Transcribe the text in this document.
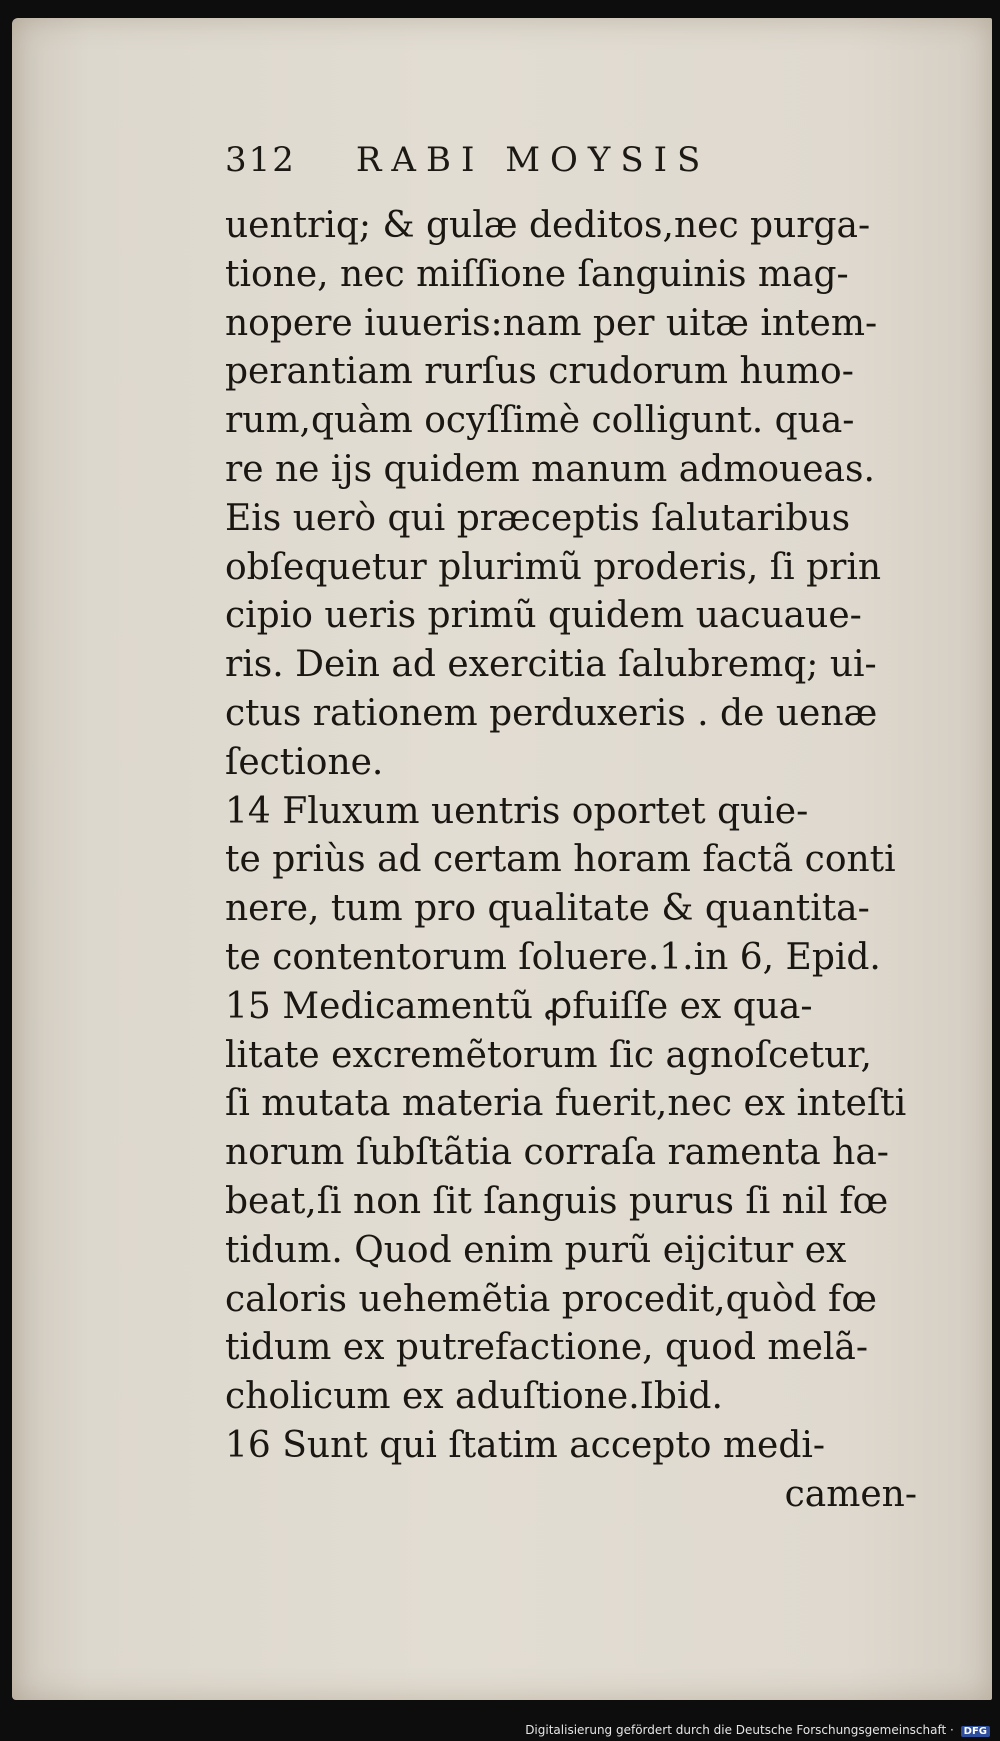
312 RABI MOYSIS
uentriq; & gulæ deditos,nec purga-
tione, nec miſſione ſanguinis mag-
nopere iuueris:nam per uitæ intem-
perantiam rurſus crudorum humo-
rum,quàm ocyſſimè colligunt. qua-
re ne ijs quidem manum admoueas.
Eis uerò qui præceptis ſalutaribus
obſequetur plurimũ proderis, ſi prin
cipio ueris primũ quidem uacuaue-
ris. Dein ad exercitia ſalubremq; ui-
ctus rationem perduxeris . de uenæ
ſectione.
14 Fluxum uentris oportet quie-
te priùs ad certam horam factã conti
nere, tum pro qualitate & quantita-
te contentorum ſoluere.1.in 6, Epid.
15 Medicamentũ ꝓfuiſſe ex qua-
litate excremẽtorum ſic agnoſcetur,
ſi mutata materia fuerit,nec ex inteſti
norum ſubſtãtia corraſa ramenta ha-
beat,ſi non ſit ſanguis purus ſi nil fœ
tidum. Quod enim purũ eijcitur ex
caloris uehemẽtia procedit,quòd fœ
tidum ex putrefactione, quod melã-
cholicum ex aduſtione.Ibid.
16 Sunt qui ſtatim accepto medi-
camen-
Digitalisierung gefördert durch die Deutsche Forschungsgemeinschaft · DFG
